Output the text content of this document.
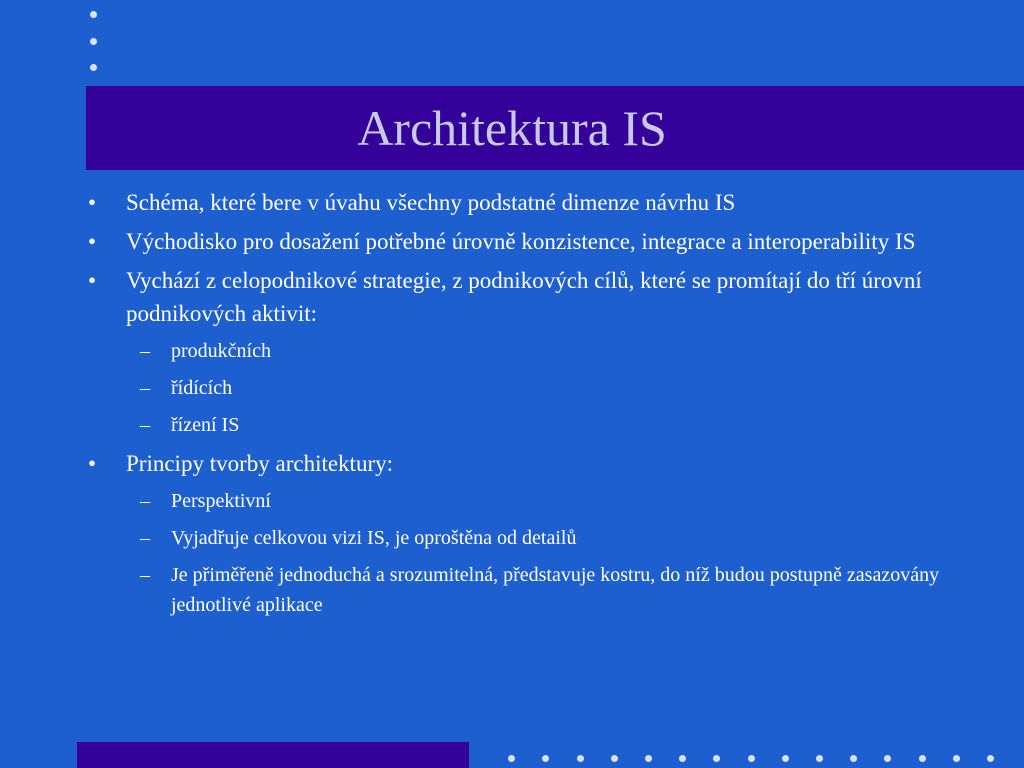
Architektura IS
•	Schéma, které bere v úvahu všechny podstatné dimenze návrhu IS
•	Východisko pro dosažení potřebné úrovně konzistence, integrace a interoperability IS
•	Vychází z celopodnikové strategie, z podnikových cílů, které se promítají do tří úrovní podnikových aktivit:
– produkčních
– řídících
– řízení IS
•	Principy tvorby architektury:
– Perspektivní
– Vyjadřuje celkovou vizi IS, je oproštěna od detailů
– Je přiměřeně jednoduchá a srozumitelná, představuje kostru, do níž budou postupně zasazovány jednotlivé aplikace
